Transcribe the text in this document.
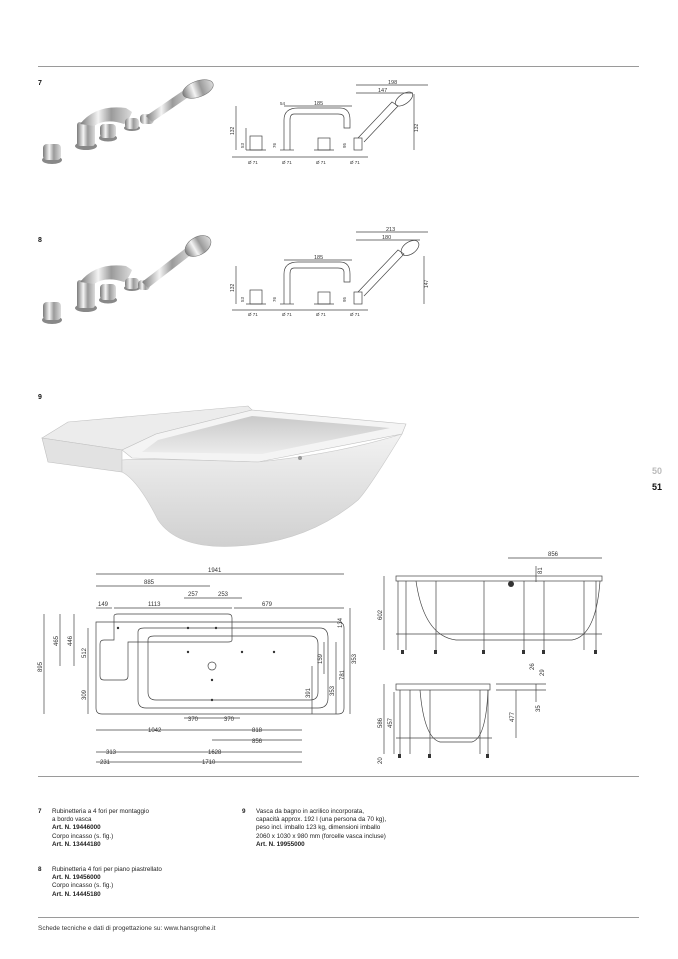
50
51
7	198
147
185
54
132
53	76	95
132
Ø 71	Ø 71	Ø 71	Ø 71
8
213
180
185
132
53	76	95
147
Ø 71	Ø 71	Ø 71	Ø 71
9
1941
885
257	253
149	1113	679
895
465 446
512
309
134
353
781
159
391	353
370	370
1042	818
856
313	1628
231	1710
856
81
602
26
29
586 457
477
35
20
7 Rubinetteria a 4 fori per montaggio
a bordo vasca
Art. N. 19446000
Corpo incasso (s. fig.)
Art. N. 13444180
8 Rubinetteria 4 fori per piano piastrellato
Art. N. 19456000
Corpo incasso (s. fig.)
Art. N. 14445180
9 Vasca da bagno in acrilico incorporata,
capacità approx. 192 l (una persona da 70 kg),
peso incl. imballo 123 kg, dimensioni imballo
2060 x 1030 x 980 mm (forcelle vasca incluse)
Art. N. 19955000
Schede tecniche e dati di progettazione su: www.hansgrohe.it
